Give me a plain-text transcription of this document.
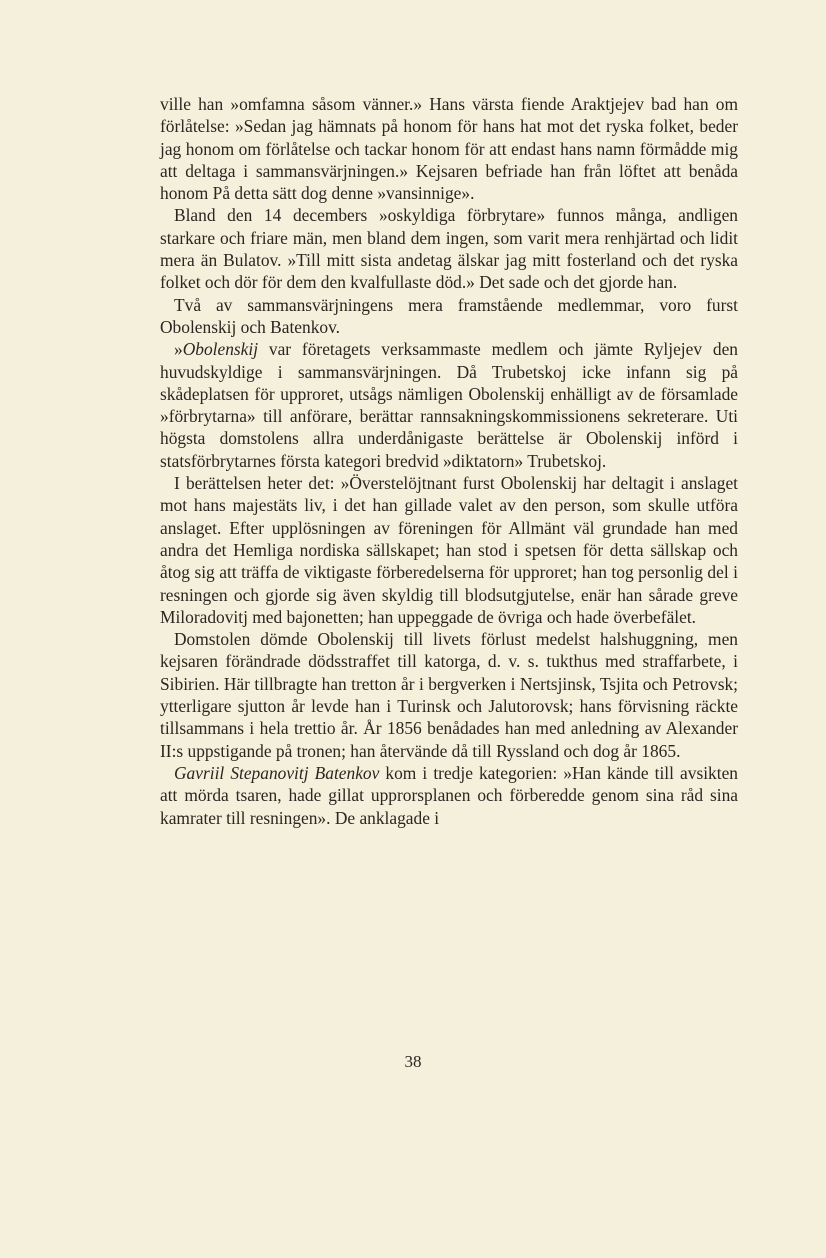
ville han »omfamna såsom vänner.» Hans värsta fiende Araktjejev bad han om förlåtelse: »Sedan jag hämnats på honom för hans hat mot det ryska folket, beder jag honom om förlåtelse och tackar honom för att endast hans namn förmådde mig att deltaga i sammansvärjningen.» Kejsaren befriade han från löftet att benåda honom På detta sätt dog denne »vansinnige».

Bland den 14 decembers »oskyldiga förbrytare» funnos många, andligen starkare och friare män, men bland dem ingen, som varit mera renhjärtad och lidit mera än Bulatov. »Till mitt sista andetag älskar jag mitt fosterland och det ryska folket och dör för dem den kvalfullaste död.» Det sade och det gjorde han.

Två av sammansvärjningens mera framstående medlemmar, voro furst Obolenskij och Batenkov.

»Obolenskij var företagets verksammaste medlem och jämte Ryljejev den huvudskyldige i sammansvärjningen. Då Trubetskoj icke infann sig på skådeplatsen för upproret, utsågs nämligen Obolenskij enhälligt av de församlade »förbrytarna» till anförare, berättar rannsakningskommissionens sekreterare. Uti högsta domstolens allra underdånigaste berättelse är Obolenskij införd i statsförbrytarnes första kategori bredvid »diktatorn» Trubetskoj.

I berättelsen heter det: »Överstelöjtnant furst Obolenskij har deltagit i anslaget mot hans majestäts liv, i det han gillade valet av den person, som skulle utföra anslaget. Efter upplösningen av föreningen för Allmänt väl grundade han med andra det Hemliga nordiska sällskapet; han stod i spetsen för detta sällskap och åtog sig att träffa de viktigaste förberedelserna för upproret; han tog personlig del i resningen och gjorde sig även skyldig till blodsutgjutelse, enär han sårade greve Miloradovitj med bajonetten; han uppeggade de övriga och hade överbefälet.

Domstolen dömde Obolenskij till livets förlust medelst halshuggning, men kejsaren förändrade dödsstraffet till katorga, d. v. s. tukthus med straffarbete, i Sibirien. Här tillbragte han tretton år i bergverken i Nertsjinsk, Tsjita och Petrovsk; ytterligare sjutton år levde han i Turinsk och Jalutorovsk; hans förvisning räckte tillsammans i hela trettio år. År 1856 benådades han med anledning av Alexander II:s uppstigande på tronen; han återvände då till Ryssland och dog år 1865.

Gavriil Stepanovitj Batenkov kom i tredje kategorien: »Han kände till avsikten att mörda tsaren, hade gillat upprorsplanen och förberedde genom sina råd sina kamrater till resningen». De anklagade i

38
